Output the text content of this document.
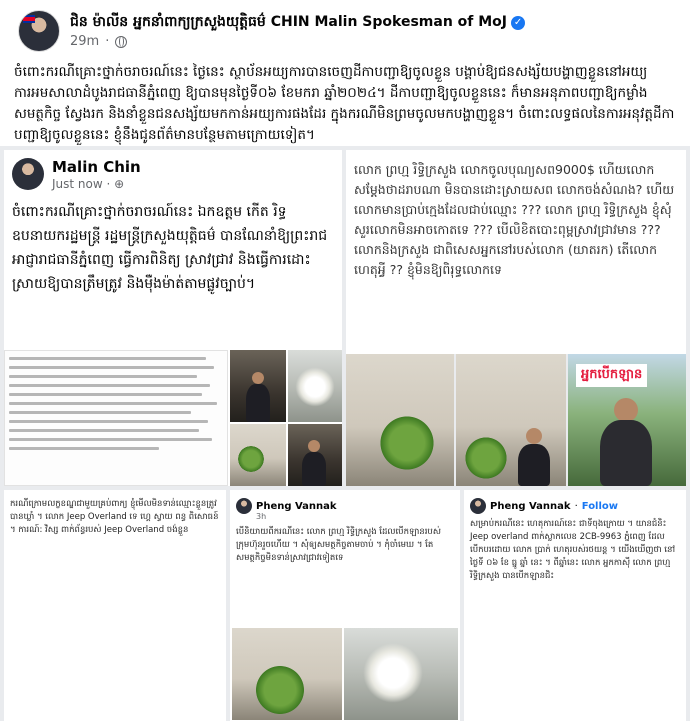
ជិន ម៉ាលីន អ្នកនាំពាក្យក្រសួងយុត្តិធម៌ CHIN Malin Spokesman of MoJ ✓
29m ·
ចំពោះករណីគ្រោះថ្នាក់ចរាចរណ៍នេះ ថ្ងៃនេះ ស្ថាប័នអយ្យការបានចេញដីកាបញ្ជាឱ្យចូលខ្លួន បង្គាប់ឱ្យជនសង្ស័យបង្ហាញខ្លួននៅអយ្យការអមសាលាដំបូងរាជធានីភ្នំពេញ ឱ្យបានមុនថ្ងៃទី០៦ ខែមករា ឆ្នាំ២០២៤។ ដីកាបញ្ជាឱ្យចូលខ្លួននេះ ក៏មានអនុភាពបញ្ជាឱ្យកម្លាំងសមត្ថកិច្ច ស្វែងរក និងនាំខ្លួនជនសង្ស័យមកកាន់អយ្យការផងដែរ ក្នុងករណីមិនព្រមចូលមកបង្ហាញខ្លួន។ ចំពោះលទ្ធផលនៃការអនុវត្តដីកាបញ្ជាឱ្យចូលខ្លួននេះ ខ្ញុំនឹងជូនព័ត៌មានបន្ថែមតាមក្រោយទៀត។
Malin Chin
Just now · ⊕
ចំពោះករណីគ្រោះថ្នាក់ចរាចរណ៍នេះ ឯកឧត្តម កើត រិទ្ធ ឧបនាយករដ្ឋមន្ត្រី រដ្ឋមន្ត្រីក្រសួងយុត្តិធម៌ បានណែនាំឱ្យព្រះរាជអាជ្ញារាជធានីភ្នំពេញ ធ្វើការពិនិត្យ ស្រាវជ្រាវ និងធ្វើការដោះស្រាយឱ្យបានត្រឹមត្រូវ និងម៉ឺងម៉ាត់តាមផ្លូវច្បាប់។
លោក ព្រហ្ម រិទ្ធិក្រសួង លោកចូលបុណ្យសព9000$ ហើយលោកសម្តែងថាដរាបណា មិនបានដោះស្រាយសព លោកចង់សំណង? ហើយលោកមានប្រាប់ក្មេងដែលជាប់ឈ្មោះ ??? លោក ព្រហ្ម រិទ្ធិក្រសួង ខ្ញុំសុំសួរលោកមិនអាចកោតទេ ??? បើលិខិតបោះពុម្ពស្រាវជ្រាវមាន ??? លោកនិងក្រសួង ជាពិសេសអ្នកនៅរបស់លោក (យាតរក) តើលោកហេតុអ្វី ?? ខ្ញុំមិនឱ្យពិរុទ្ធលោកទេ
អ្នកបើកឡាន
ករណីក្រោមលក្ខខណ្ឌជាមួយគ្រប់ពាក្យ ខ្ញុំមើលមិនទាន់ឈ្មោះខ្លួនត្រូវបានឃ្លាំ ។ លោក Jeep Overland ទេ ហ្គេ ស្វាយ ពន្ធ ពិសោធន៍ ។ ការណ៍: វិស្ស ពាក់ព័ន្ធរបស់ Jeep Overland ចង់ខ្លួន
Pheng Vannak
3h
បើនិយាយពីករណីនេះ លោក ព្រហ្ម រិទ្ធិក្រសួង ដែលបើកឡានរបស់ក្រុមហ៊ុនរួចហើយ ។ សុំឲ្យសមត្ថកិច្ចតាមចាប់ ។ កុំចាំមេឃ ។ តែសមត្ថកិច្ចមិនទាន់ស្រាវជ្រាវទៀតទេ
Pheng Vannak · Follow
សម្រាប់ករណីនេះ ហេតុការណ៍នេះ ជាទីចុងក្រោយ ។ យានជំនិះ Jeep overland ពាក់ស្លាកលេខ 2CB-9963 ភ្នំពេញ ដែលបើកបរដោយ លោក ប្រាក់ ហេតុរបស់រថយន្ត ។ យើងឃើញថា នៅថ្ងៃទី ០៦ ខែ ធ្នូ ឆ្នាំ នេះ ។ ពីឆ្នាំនេះ លោក អ្នកកាស៊ី លោក ព្រហ្ម រិទ្ធិក្រសួង បានបើកឡានជិះ
